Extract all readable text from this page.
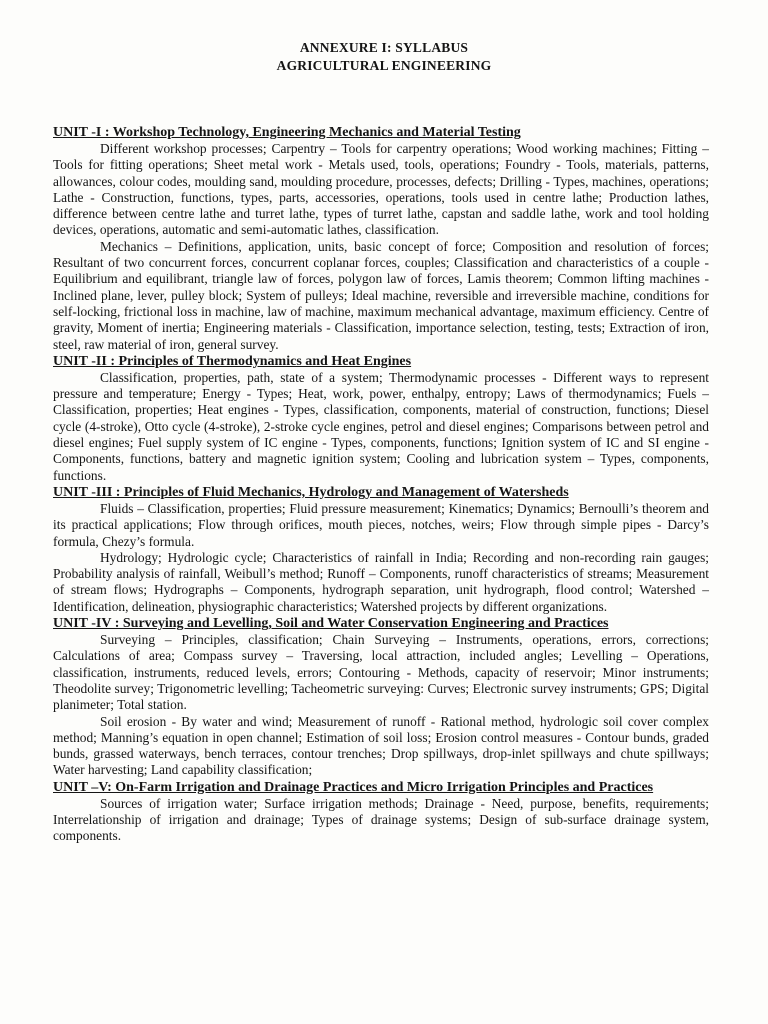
ANNEXURE I: SYLLABUS
AGRICULTURAL ENGINEERING

UNIT -I : Workshop Technology, Engineering Mechanics and Material Testing

Different workshop processes; Carpentry – Tools for carpentry operations; Wood working machines; Fitting – Tools for fitting operations; Sheet metal work - Metals used, tools, operations; Foundry - Tools, materials, patterns, allowances, colour codes, moulding sand, moulding procedure, processes, defects; Drilling - Types, machines, operations; Lathe - Construction, functions, types, parts, accessories, operations, tools used in centre lathe; Production lathes, difference between centre lathe and turret lathe, types of turret lathe, capstan and saddle lathe, work and tool holding devices, operations, automatic and semi-automatic lathes, classification.

Mechanics – Definitions, application, units, basic concept of force; Composition and resolution of forces; Resultant of two concurrent forces, concurrent coplanar forces, couples; Classification and characteristics of a couple -Equilibrium and equilibrant, triangle law of forces, polygon law of forces, Lamis theorem; Common lifting machines - Inclined plane, lever, pulley block; System of pulleys; Ideal machine, reversible and irreversible machine, conditions for self-locking, frictional loss in machine, law of machine, maximum mechanical advantage, maximum efficiency. Centre of gravity, Moment of inertia; Engineering materials - Classification, importance selection, testing, tests; Extraction of iron, steel, raw material of iron, general survey.

UNIT -II : Principles of Thermodynamics and Heat Engines

Classification, properties, path, state of a system; Thermodynamic processes - Different ways to represent pressure and temperature; Energy - Types; Heat, work, power, enthalpy, entropy; Laws of thermodynamics; Fuels – Classification, properties; Heat engines - Types, classification, components, material of construction, functions; Diesel cycle (4-stroke), Otto cycle (4-stroke), 2-stroke cycle engines, petrol and diesel engines; Comparisons between petrol and diesel engines; Fuel supply system of IC engine - Types, components, functions; Ignition system of IC and SI engine - Components, functions, battery and magnetic ignition system; Cooling and lubrication system – Types, components, functions.

UNIT -III : Principles of Fluid Mechanics, Hydrology and Management of Watersheds

Fluids – Classification, properties; Fluid pressure measurement; Kinematics; Dynamics; Bernoulli’s theorem and its practical applications; Flow through orifices, mouth pieces, notches, weirs; Flow through simple pipes - Darcy’s formula, Chezy’s formula.

Hydrology; Hydrologic cycle; Characteristics of rainfall in India; Recording and non-recording rain gauges; Probability analysis of rainfall, Weibull’s method; Runoff – Components, runoff characteristics of streams; Measurement of stream flows; Hydrographs – Components, hydrograph separation, unit hydrograph, flood control; Watershed – Identification, delineation, physiographic characteristics; Watershed projects by different organizations.

UNIT -IV : Surveying and Levelling, Soil and Water Conservation Engineering and Practices

Surveying – Principles, classification; Chain Surveying – Instruments, operations, errors, corrections; Calculations of area; Compass survey – Traversing, local attraction, included angles; Levelling – Operations, classification, instruments, reduced levels, errors; Contouring - Methods, capacity of reservoir; Minor instruments; Theodolite survey; Trigonometric levelling; Tacheometric surveying: Curves; Electronic survey instruments; GPS; Digital planimeter; Total station.

Soil erosion - By water and wind; Measurement of runoff - Rational method, hydrologic soil cover complex method; Manning’s equation in open channel; Estimation of soil loss; Erosion control measures - Contour bunds, graded bunds, grassed waterways, bench terraces, contour trenches; Drop spillways, drop-inlet spillways and chute spillways; Water harvesting; Land capability classification;

UNIT –V: On-Farm Irrigation and Drainage Practices and Micro Irrigation Principles and Practices

Sources of irrigation water; Surface irrigation methods; Drainage - Need, purpose, benefits, requirements; Interrelationship of irrigation and drainage; Types of drainage systems; Design of sub-surface drainage system, components.
